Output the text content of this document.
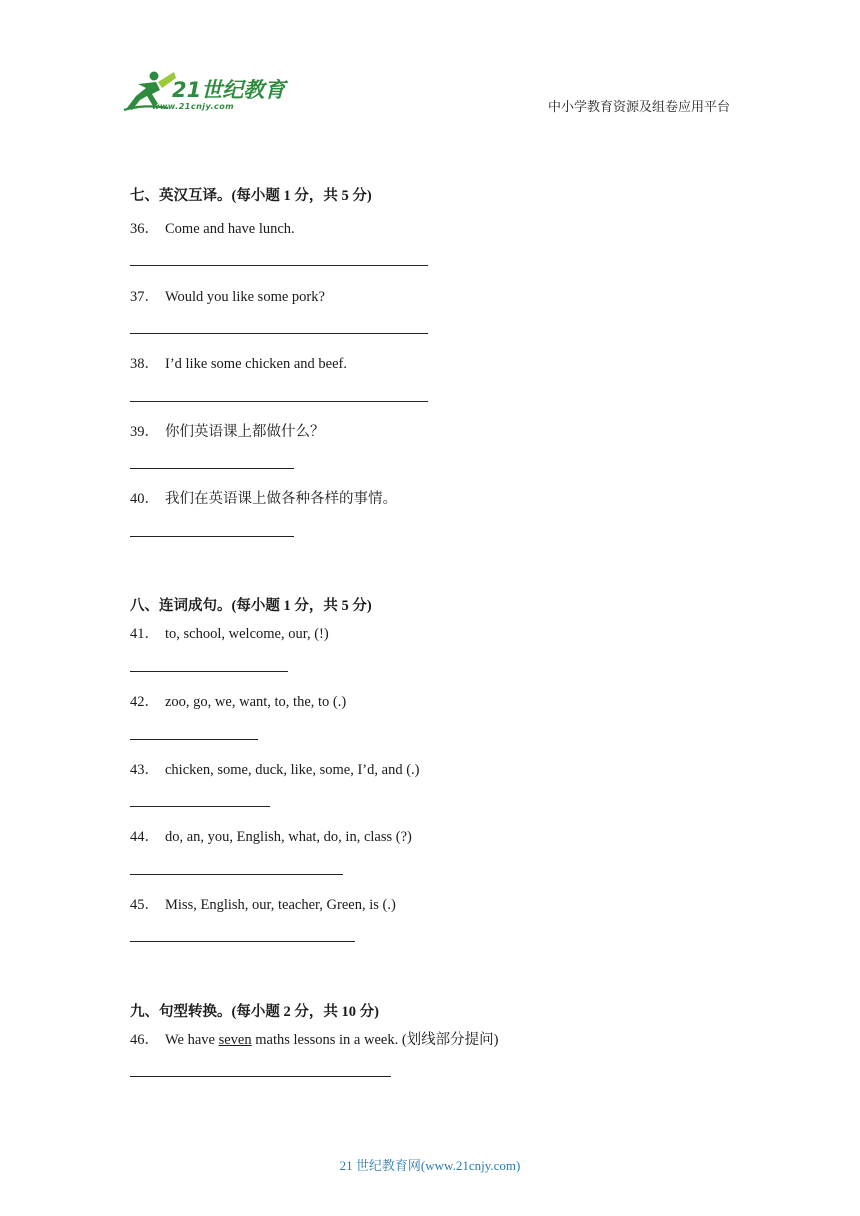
21世纪教育
www.21cnjy.com	中小学教育资源及组卷应用平台
七、英汉互译。(每小题 1 分，共 5 分)
36． Come and have lunch.
37． Would you like some pork?
38． I’d like some chicken and beef.
39． 你们英语课上都做什么？
40． 我们在英语课上做各种各样的事情。
八、连词成句。(每小题 1 分，共 5 分)
41． to, school, welcome, our, (!)
42． zoo, go, we, want, to, the, to (.)
43． chicken, some, duck, like, some, I’d, and (.)
44． do, an, you, English, what, do, in, class (?)
45． Miss, English, our, teacher, Green, is (.)
九、句型转换。(每小题 2 分，共 10 分)
46． We have seven maths lessons in a week. (划线部分提问)
21 世纪教育网(www.21cnjy.com)
